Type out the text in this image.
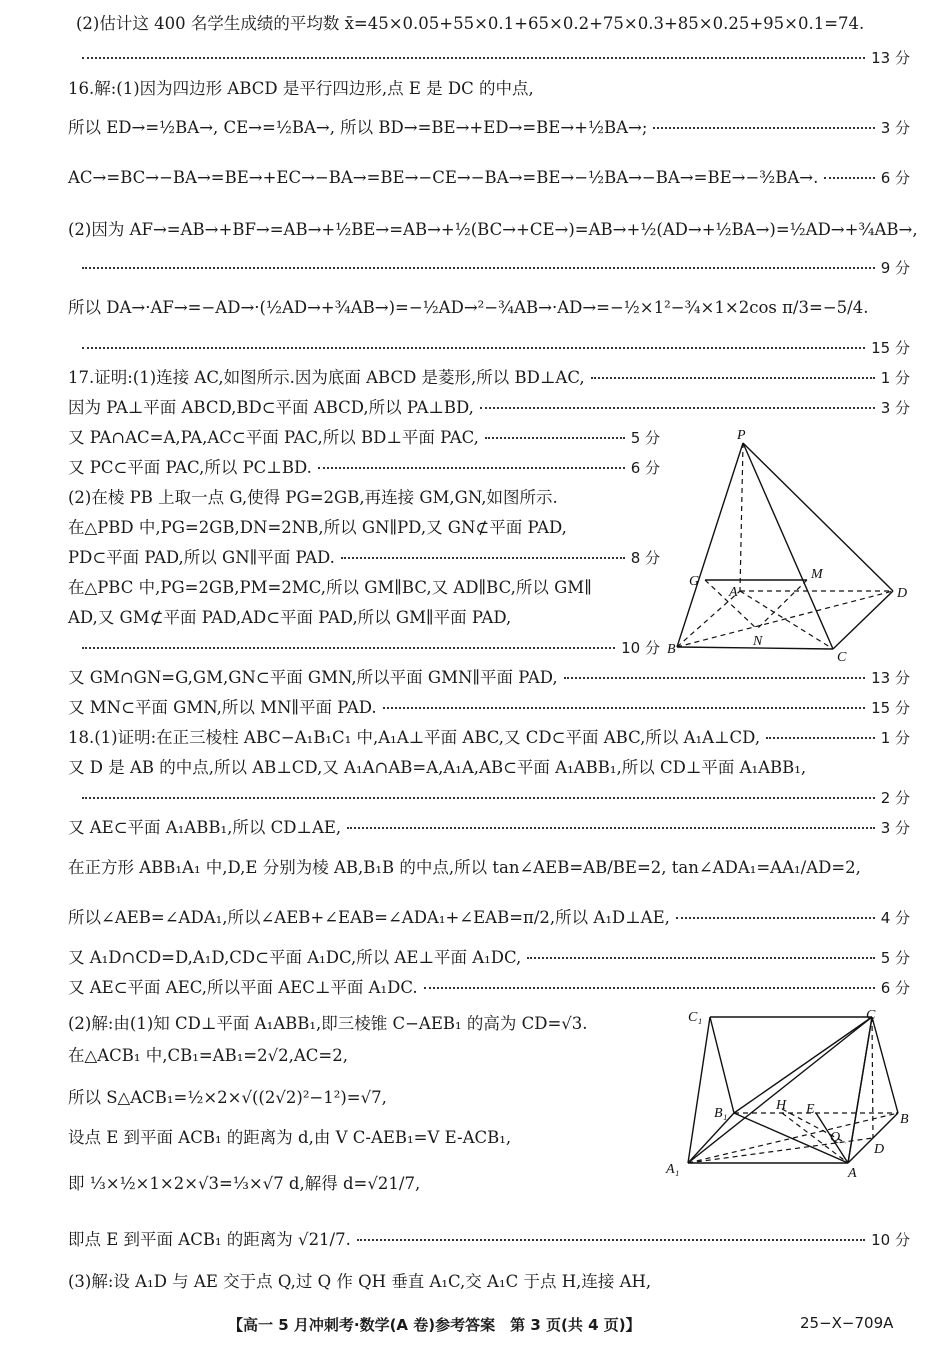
(2)估计这 400 名学生成绩的平均数 x̄=45×0.05+55×0.1+65×0.2+75×0.3+85×0.25+95×0.1=74.
13 分
16.解:(1)因为四边形 ABCD 是平行四边形,点 E 是 DC 的中点,
所以 ED→=½BA→, CE→=½BA→, 所以 BD→=BE→+ED→=BE→+½BA→;	3 分
AC→=BC→−BA→=BE→+EC→−BA→=BE→−CE→−BA→=BE→−½BA→−BA→=BE→−³⁄₂BA→.	6 分
(2)因为 AF→=AB→+BF→=AB→+½BE→=AB→+½(BC→+CE→)=AB→+½(AD→+½BA→)=½AD→+¾AB→,
9 分
所以 DA→·AF→=−AD→·(½AD→+¾AB→)=−½AD→²−¾AB→·AD→=−½×1²−¾×1×2cos π/3=−5/4.
15 分
17.证明:(1)连接 AC,如图所示.因为底面 ABCD 是菱形,所以 BD⊥AC,	1 分
因为 PA⊥平面 ABCD,BD⊂平面 ABCD,所以 PA⊥BD,	3 分
又 PA∩AC=A,PA,AC⊂平面 PAC,所以 BD⊥平面 PAC,	5 分
又 PC⊂平面 PAC,所以 PC⊥BD.	6 分
(2)在棱 PB 上取一点 G,使得 PG=2GB,再连接 GM,GN,如图所示.
在△PBD 中,PG=2GB,DN=2NB,所以 GN∥PD,又 GN⊄平面 PAD,
PD⊂平面 PAD,所以 GN∥平面 PAD.	8 分
在△PBC 中,PG=2GB,PM=2MC,所以 GM∥BC,又 AD∥BC,所以 GM∥
AD,又 GM⊄平面 PAD,AD⊂平面 PAD,所以 GM∥平面 PAD,
10 分
又 GM∩GN=G,GM,GN⊂平面 GMN,所以平面 GMN∥平面 PAD,	13 分
又 MN⊂平面 GMN,所以 MN∥平面 PAD.	15 分
18.(1)证明:在正三棱柱 ABC−A₁B₁C₁ 中,A₁A⊥平面 ABC,又 CD⊂平面 ABC,所以 A₁A⊥CD,	1 分
又 D 是 AB 的中点,所以 AB⊥CD,又 A₁A∩AB=A,A₁A,AB⊂平面 A₁ABB₁,所以 CD⊥平面 A₁ABB₁,
2 分
又 AE⊂平面 A₁ABB₁,所以 CD⊥AE,	3 分
在正方形 ABB₁A₁ 中,D,E 分别为棱 AB,B₁B 的中点,所以 tan∠AEB=AB/BE=2, tan∠ADA₁=AA₁/AD=2,
所以∠AEB=∠ADA₁,所以∠AEB+∠EAB=∠ADA₁+∠EAB=π/2,所以 A₁D⊥AE,	4 分
又 A₁D∩CD=D,A₁D,CD⊂平面 A₁DC,所以 AE⊥平面 A₁DC,	5 分
又 AE⊂平面 AEC,所以平面 AEC⊥平面 A₁DC.	6 分
(2)解:由(1)知 CD⊥平面 A₁ABB₁,即三棱锥 C−AEB₁ 的高为 CD=√3.
在△ACB₁ 中,CB₁=AB₁=2√2,AC=2,
所以 S△ACB₁=½×2×√((2√2)²−1²)=√7,
设点 E 到平面 ACB₁ 的距离为 d,由 V C-AEB₁=V E-ACB₁,
即 ⅓×½×1×2×√3=⅓×√7 d,解得 d=√21/7,
即点 E 到平面 ACB₁ 的距离为 √21/7.	10 分
(3)解:设 A₁D 与 AE 交于点 Q,过 Q 作 QH 垂直 A₁C,交 A₁C 于点 H,连接 AH,
P
G	M
A	D
B
N
C
C₁	C
B₁
H E
B
Q
D
A₁	A
【高一 5 月冲刺考·数学(A 卷)参考答案　第 3 页(共 4 页)】	25−X−709A
